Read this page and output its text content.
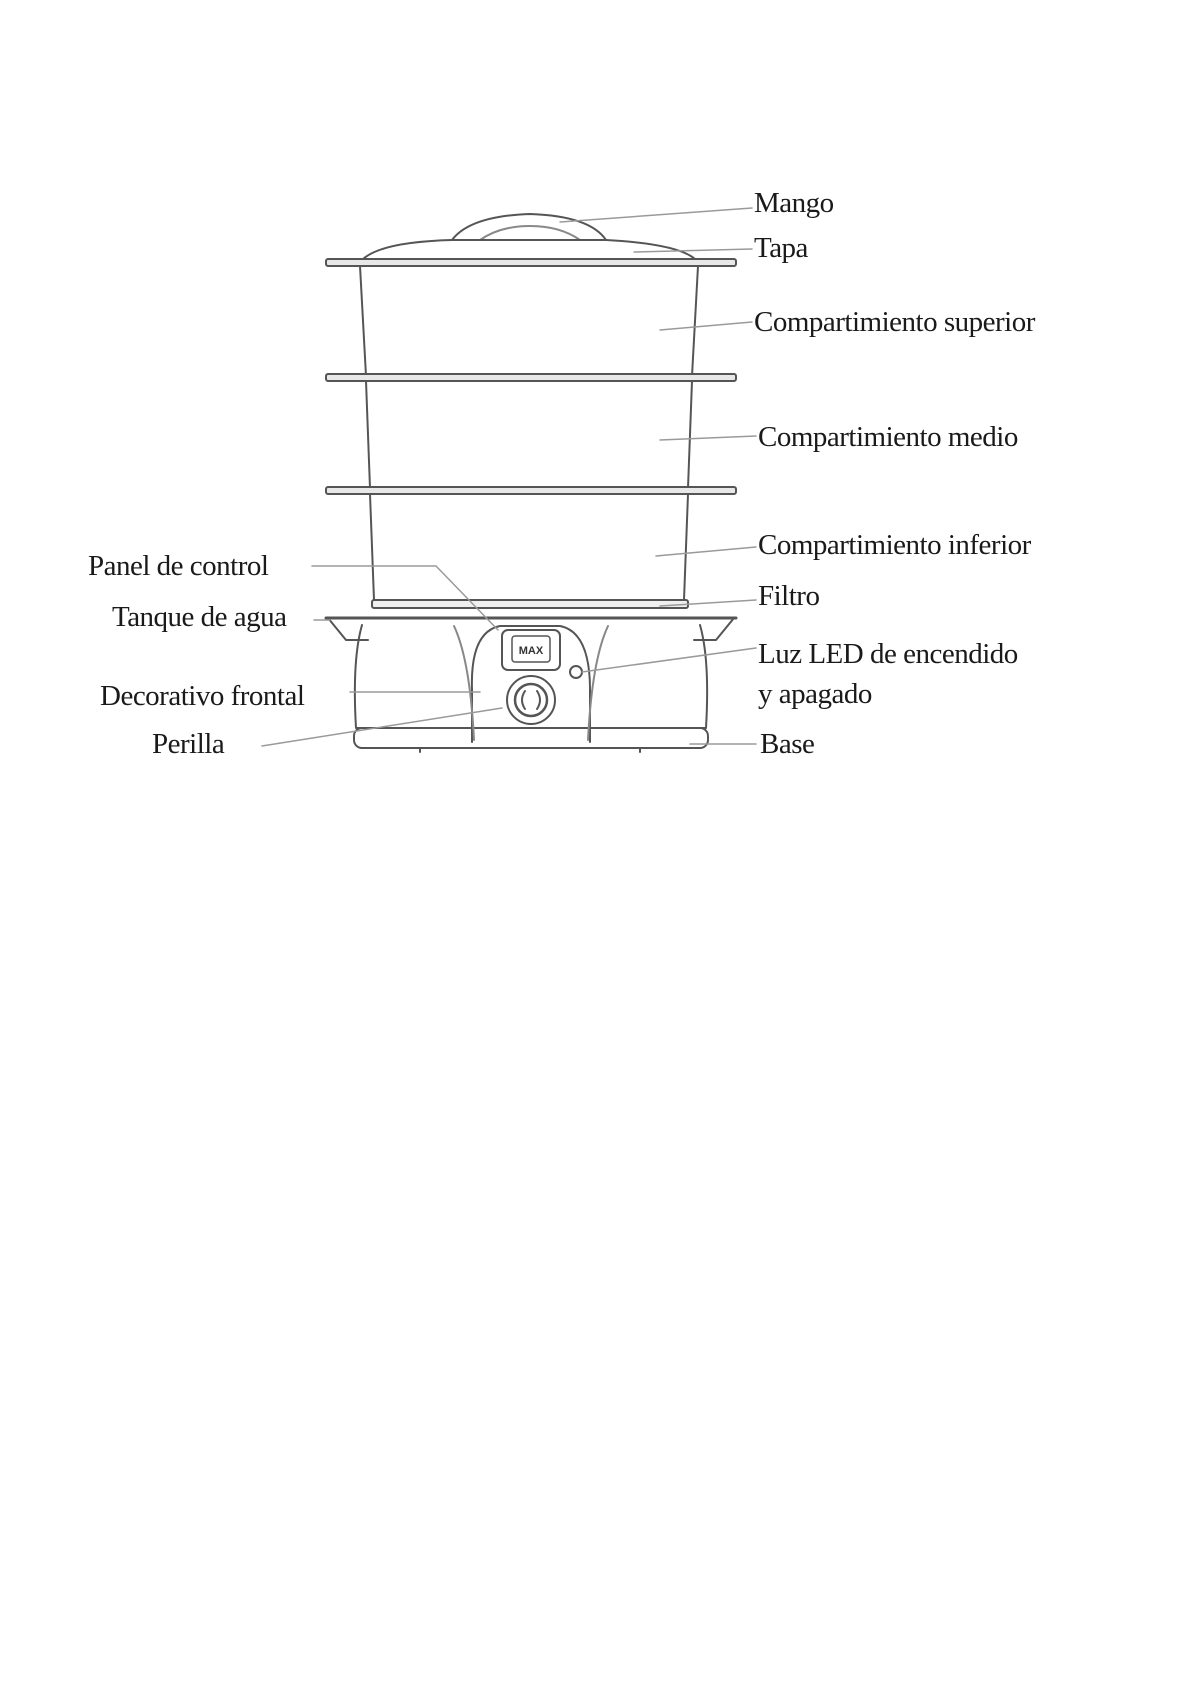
MAX
Mango
Tapa
Compartimiento superior
Compartimiento medio
Compartimiento inferior
Filtro
Luz LED de encendido
y apagado
Base
Panel de control
Tanque de agua
Decorativo frontal
Perilla
